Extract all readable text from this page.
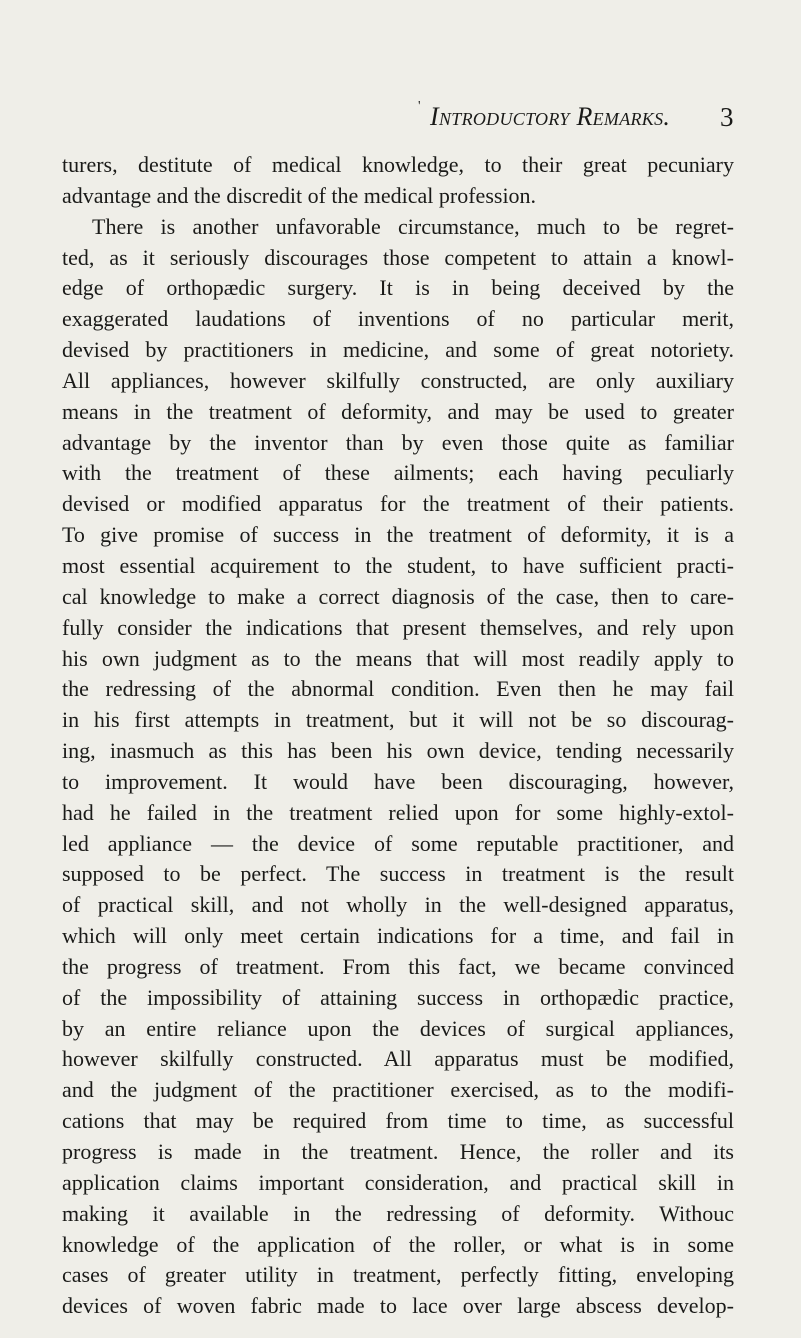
' Introductory Remarks. 3
turers, destitute of medical knowledge, to their great pecuniary
advantage and the discredit of the medical profession.
There is another unfavorable circumstance, much to be regret-
ted, as it seriously discourages those competent to attain a knowl-
edge of orthopædic surgery. It is in being deceived by the
exaggerated laudations of inventions of no particular merit,
devised by practitioners in medicine, and some of great notoriety.
All appliances, however skilfully constructed, are only auxiliary
means in the treatment of deformity, and may be used to greater
advantage by the inventor than by even those quite as familiar
with the treatment of these ailments; each having peculiarly
devised or modified apparatus for the treatment of their patients.
To give promise of success in the treatment of deformity, it is a
most essential acquirement to the student, to have sufficient practi-
cal knowledge to make a correct diagnosis of the case, then to care-
fully consider the indications that present themselves, and rely upon
his own judgment as to the means that will most readily apply to
the redressing of the abnormal condition. Even then he may fail
in his first attempts in treatment, but it will not be so discourag-
ing, inasmuch as this has been his own device, tending necessarily
to improvement. It would have been discouraging, however,
had he failed in the treatment relied upon for some highly-extol-
led appliance — the device of some reputable practitioner, and
supposed to be perfect. The success in treatment is the result
of practical skill, and not wholly in the well-designed apparatus,
which will only meet certain indications for a time, and fail in
the progress of treatment. From this fact, we became convinced
of the impossibility of attaining success in orthopædic practice,
by an entire reliance upon the devices of surgical appliances,
however skilfully constructed. All apparatus must be modified,
and the judgment of the practitioner exercised, as to the modifi-
cations that may be required from time to time, as successful
progress is made in the treatment. Hence, the roller and its
application claims important consideration, and practical skill in
making it available in the redressing of deformity. Withouc
knowledge of the application of the roller, or what is in some
cases of greater utility in treatment, perfectly fitting, enveloping
devices of woven fabric made to lace over large abscess develop-
